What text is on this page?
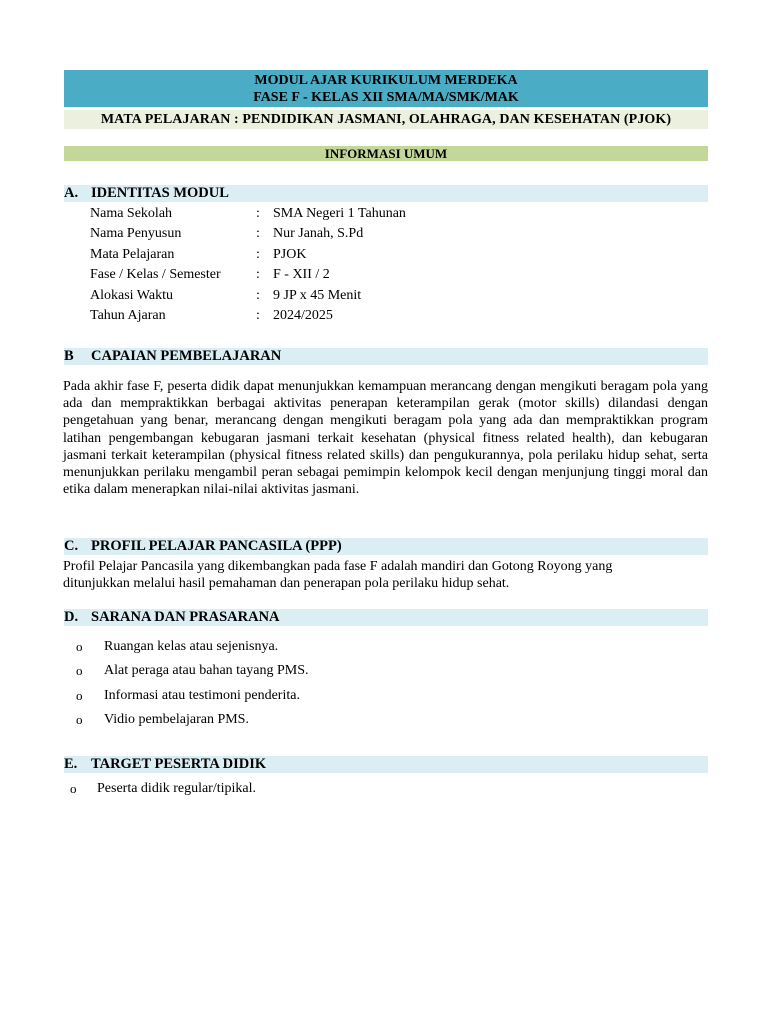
MODUL AJAR KURIKULUM MERDEKA
FASE F - KELAS XII SMA/MA/SMK/MAK
MATA PELAJARAN : PENDIDIKAN JASMANI, OLAHRAGA, DAN KESEHATAN (PJOK)
INFORMASI UMUM
A. IDENTITAS MODUL
Nama Sekolah	: SMA Negeri 1 Tahunan
Nama Penyusun	: Nur Janah, S.Pd
Mata Pelajaran	: PJOK
Fase / Kelas / Semester	: F - XII / 2
Alokasi Waktu	: 9 JP x 45 Menit
Tahun Ajaran	: 2024/2025
B CAPAIAN PEMBELAJARAN

Pada akhir fase F, peserta didik dapat menunjukkan kemampuan merancang dengan mengikuti beragam pola yang ada dan mempraktikkan berbagai aktivitas penerapan keterampilan gerak (motor skills) dilandasi dengan pengetahuan yang benar, merancang dengan mengikuti beragam pola yang ada dan mempraktikkan program latihan pengembangan kebugaran jasmani terkait kesehatan (physical fitness related health), dan kebugaran jasmani terkait keterampilan (physical fitness related skills) dan pengukurannya, pola perilaku hidup sehat, serta menunjukkan perilaku mengambil peran sebagai pemimpin kelompok kecil dengan menjunjung tinggi moral dan etika dalam menerapkan nilai-nilai aktivitas jasmani.

C. PROFIL PELAJAR PANCASILA (PPP)
Profil Pelajar Pancasila yang dikembangkan pada fase F adalah mandiri dan Gotong Royong yang
ditunjukkan melalui hasil pemahaman dan penerapan pola perilaku hidup sehat.
D. SARANA DAN PRASARANA
o Ruangan kelas atau sejenisnya.
o Alat peraga atau bahan tayang PMS.
o Informasi atau testimoni penderita.
o Vidio pembelajaran PMS.
E. TARGET PESERTA DIDIK
o Peserta didik regular/tipikal.
